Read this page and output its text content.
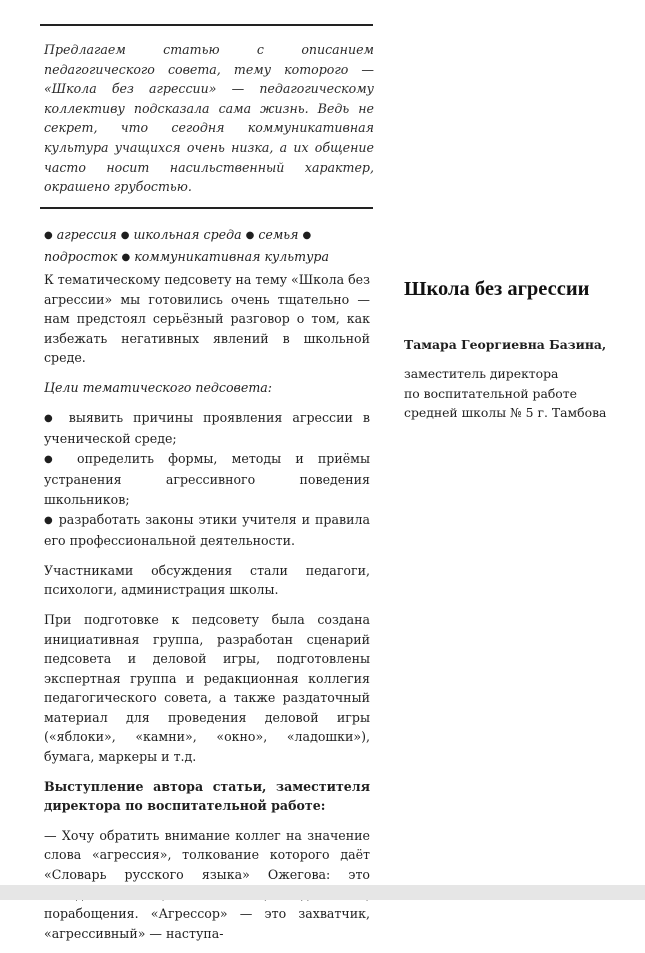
Предлагаем статью с описанием педагогического совета, тему которого — «Школа без агрессии» — педагогическому коллективу подсказала сама жизнь. Ведь не секрет, что сегодня коммуникативная культура учащихся очень низка, а их общение часто носит насильственный характер, окрашено грубостью.
● агрессия ● школьная среда ● семья ● подросток ● коммуникативная культура

К тематическому педсовету на тему «Школа без агрессии» мы готовились очень тщательно — нам предстоял серьёзный разговор о том, как избежать негативных явлений в школьной среде.

Цели тематического педсовета:

● выявить причины проявления агрессии в ученической среде;

● определить формы, методы и приёмы устранения агрессивного поведения школьников;

● разработать законы этики учителя и правила его профессиональной деятельности.

Участниками обсуждения стали педагоги, психологи, администрация школы.

При подготовке к педсовету была создана инициативная группа, разработан сценарий педсовета и деловой игры, подготовлены экспертная группа и редакционная коллегия педагогического совета, а также раздаточный материал для проведения деловой игры («яблоки», «камни», «окно», «ладошки»), бумага, маркеры и т.д.

Выступление автора статьи, заместителя директора по воспитательной работе:

— Хочу обратить внимание коллег на значение слова «агрессия», толкование которого даёт «Словарь русского языка» Ожегова: это порабощения. «Агрессор» — это захватчик, «агрессивный» — наступа-

Школа без агрессии
Тамара Георгиевна Базина,
заместитель директора
по воспитательной работе
средней школы № 5 г. Тамбова
